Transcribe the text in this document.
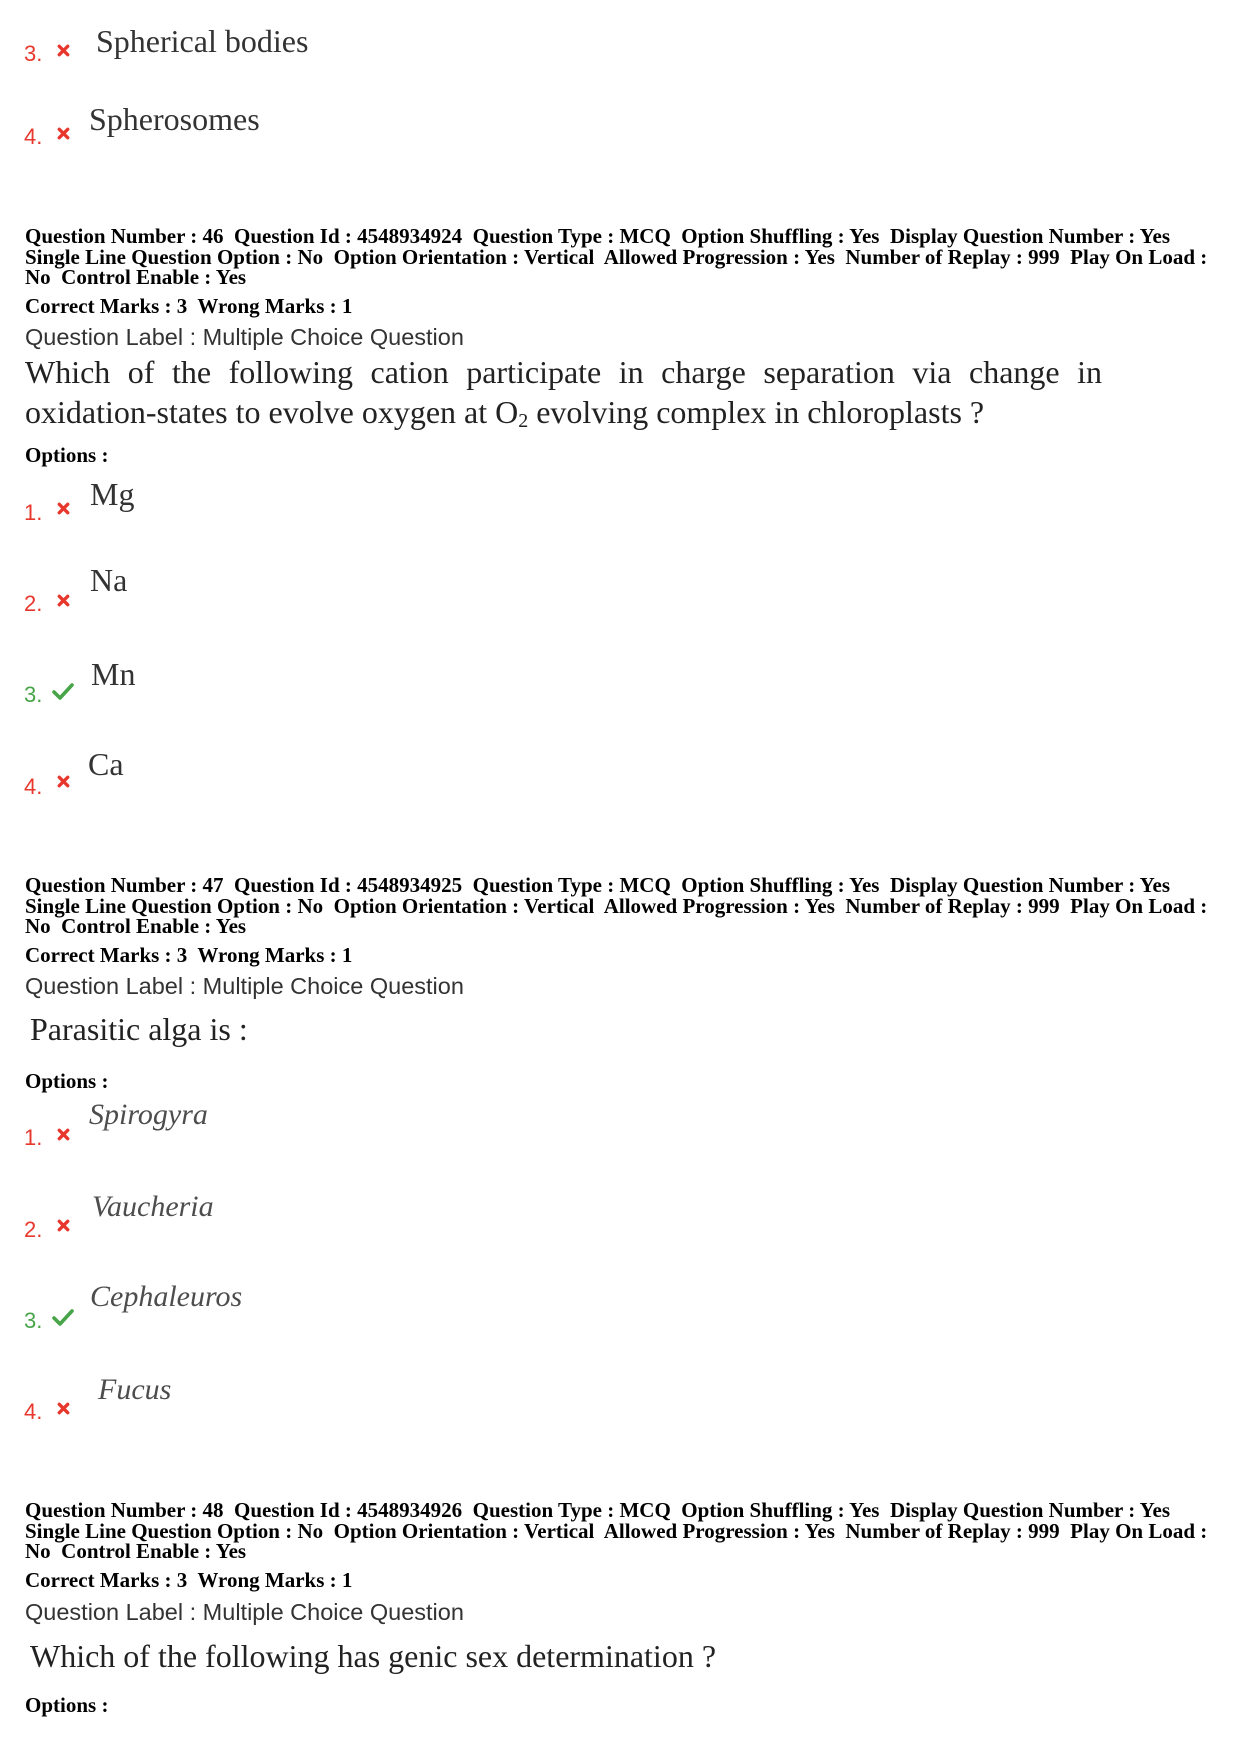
3. Spherical bodies
4. Spherosomes
Question Number : 46  Question Id : 4548934924  Question Type : MCQ  Option Shuffling : Yes  Display Question Number : Yes
Single Line Question Option : No  Option Orientation : Vertical  Allowed Progression : Yes  Number of Replay : 999  Play On Load :
No  Control Enable : Yes
Correct Marks : 3  Wrong Marks : 1
Question Label : Multiple Choice Question
Which of the following cation participate in charge separation via change in
oxidation-states to evolve oxygen at $O_2$ evolving complex in chloroplasts ?
Options :
1.
Mg
2.
Na
3.
Mn
4.
Ca
Question Number : 47  Question Id : 4548934925  Question Type : MCQ  Option Shuffling : Yes  Display Question Number : Yes
Single Line Question Option : No  Option Orientation : Vertical  Allowed Progression : Yes  Number of Replay : 999  Play On Load :
No  Control Enable : Yes
Correct Marks : 3  Wrong Marks : 1
Question Label : Multiple Choice Question
Parasitic alga is :
Options :
1.
Spirogyra
2.
Vaucheria
3.
Cephaleuros
4.
Fucus
Question Number : 48  Question Id : 4548934926  Question Type : MCQ  Option Shuffling : Yes  Display Question Number : Yes
Single Line Question Option : No  Option Orientation : Vertical  Allowed Progression : Yes  Number of Replay : 999  Play On Load :
No  Control Enable : Yes
Correct Marks : 3  Wrong Marks : 1
Question Label : Multiple Choice Question
Which of the following has genic sex determination ?
Options :
